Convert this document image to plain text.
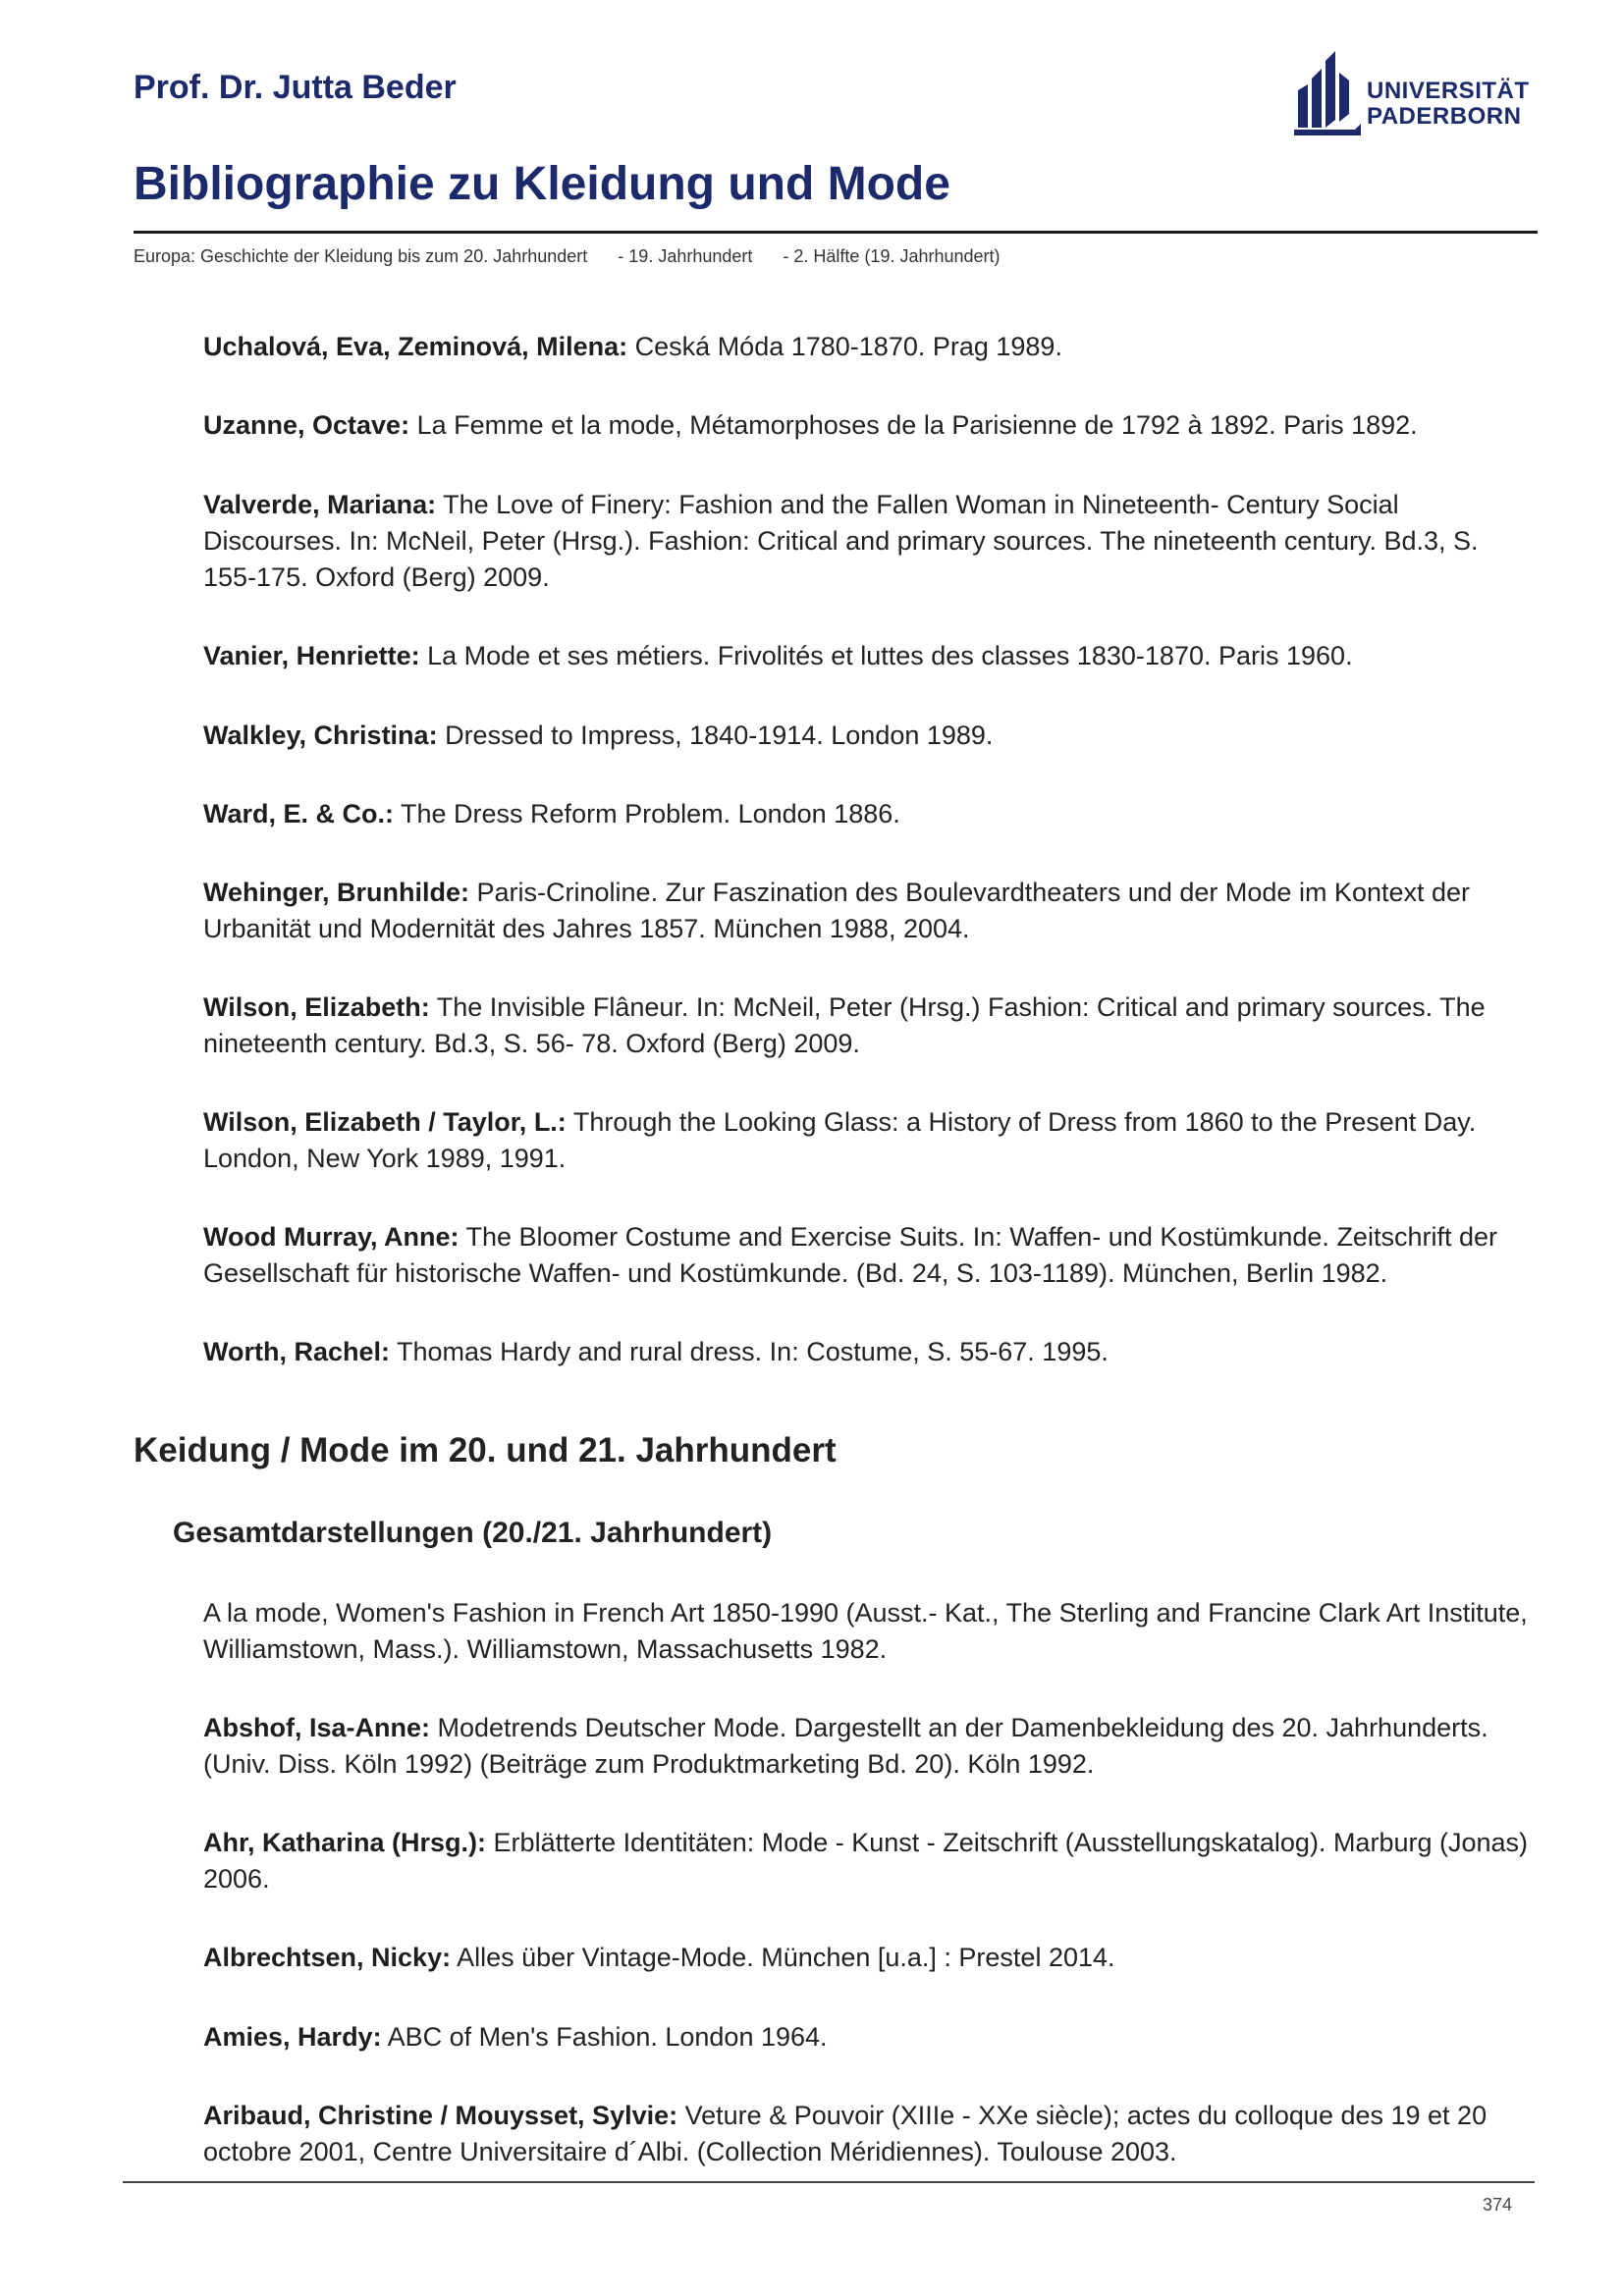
Prof. Dr. Jutta Beder	UNIVERSITÄT
PADERBORN
Bibliographie zu Kleidung und Mode
Europa: Geschichte der Kleidung bis zum 20. Jahrhundert - 19. Jahrhundert - 2. Hälfte (19. Jahrhundert)
Uchalová, Eva, Zeminová, Milena: Ceská Móda 1780-1870. Prag 1989.
Uzanne, Octave: La Femme et la mode, Métamorphoses de la Parisienne de 1792 à 1892. Paris 1892.
Valverde, Mariana: The Love of Finery: Fashion and the Fallen Woman in Nineteenth- Century Social Discourses. In: McNeil, Peter (Hrsg.). Fashion: Critical and primary sources. The nineteenth century. Bd.3, S. 155-175. Oxford (Berg) 2009.
Vanier, Henriette: La Mode et ses métiers. Frivolités et luttes des classes 1830-1870. Paris 1960.
Walkley, Christina: Dressed to Impress, 1840-1914. London 1989.
Ward, E. & Co.: The Dress Reform Problem. London 1886.
Wehinger, Brunhilde: Paris-Crinoline. Zur Faszination des Boulevardtheaters und der Mode im Kontext der Urbanität und Modernität des Jahres 1857. München 1988, 2004.
Wilson, Elizabeth: The Invisible Flâneur. In: McNeil, Peter (Hrsg.) Fashion: Critical and primary sources. The nineteenth century. Bd.3, S. 56- 78. Oxford (Berg) 2009.
Wilson, Elizabeth / Taylor, L.: Through the Looking Glass: a History of Dress from 1860 to the Present Day. London, New York 1989, 1991.
Wood Murray, Anne: The Bloomer Costume and Exercise Suits. In: Waffen- und Kostümkunde. Zeitschrift der Gesellschaft für historische Waffen- und Kostümkunde. (Bd. 24, S. 103-1189). München, Berlin 1982.
Worth, Rachel: Thomas Hardy and rural dress. In: Costume, S. 55-67. 1995.
Keidung / Mode im 20. und 21. Jahrhundert
Gesamtdarstellungen (20./21. Jahrhundert)
A la mode, Women's Fashion in French Art 1850-1990 (Ausst.- Kat., The Sterling and Francine Clark Art Institute, Williamstown, Mass.). Williamstown, Massachusetts 1982.
Abshof, Isa-Anne: Modetrends Deutscher Mode. Dargestellt an der Damenbekleidung des 20. Jahrhunderts. (Univ. Diss. Köln 1992) (Beiträge zum Produktmarketing Bd. 20). Köln 1992.
Ahr, Katharina (Hrsg.): Erblätterte Identitäten: Mode - Kunst - Zeitschrift (Ausstellungskatalog). Marburg (Jonas) 2006.
Albrechtsen, Nicky: Alles über Vintage-Mode. München [u.a.] : Prestel 2014.
Amies, Hardy: ABC of Men's Fashion. London 1964.
Aribaud, Christine / Mouysset, Sylvie: Veture & Pouvoir (XIIIe - XXe siècle); actes du colloque des 19 et 20 octobre 2001, Centre Universitaire d´Albi. (Collection Méridiennes). Toulouse 2003.
374
